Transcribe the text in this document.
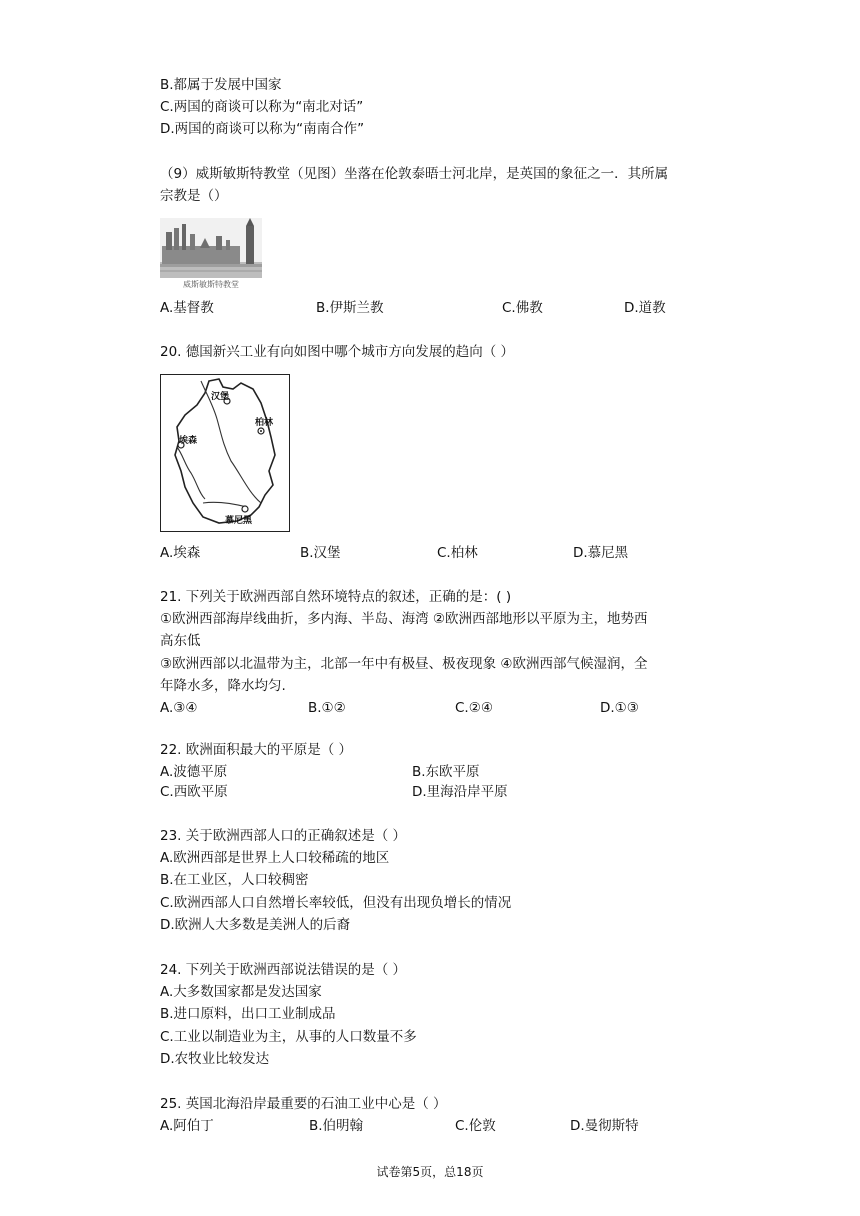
B.都属于发展中国家
C.两国的商谈可以称为“南北对话”
D.两国的商谈可以称为“南南合作”
（9）威斯敏斯特教堂（见图）坐落在伦敦泰晤士河北岸，是英国的象征之一．其所属
宗教是（）
威斯敏斯特教堂
A.基督教	B.伊斯兰教	C.佛教	D.道教
20. 德国新兴工业有向如图中哪个城市方向发展的趋向（ ）
汉堡
柏林
埃森
慕尼黑
A.埃森	B.汉堡	C.柏林	D.慕尼黑
21. 下列关于欧洲西部自然环境特点的叙述，正确的是：( )
①欧洲西部海岸线曲折，多内海、半岛、海湾 ②欧洲西部地形以平原为主，地势西
高东低
③欧洲西部以北温带为主，北部一年中有极昼、极夜现象 ④欧洲西部气候湿润，全
年降水多，降水均匀.
A.③④	B.①②	C.②④	D.①③
22. 欧洲面积最大的平原是（ ）
A.波德平原	B.东欧平原
C.西欧平原	D.里海沿岸平原
23. 关于欧洲西部人口的正确叙述是（ ）
A.欧洲西部是世界上人口较稀疏的地区
B.在工业区，人口较稠密
C.欧洲西部人口自然增长率较低，但没有出现负增长的情况
D.欧洲人大多数是美洲人的后裔
24. 下列关于欧洲西部说法错误的是（ ）
A.大多数国家都是发达国家
B.进口原料，出口工业制成品
C.工业以制造业为主，从事的人口数量不多
D.农牧业比较发达
25. 英国北海沿岸最重要的石油工业中心是（ ）
A.阿伯丁	B.伯明翰	C.伦敦	D.曼彻斯特
试卷第5页，总18页
